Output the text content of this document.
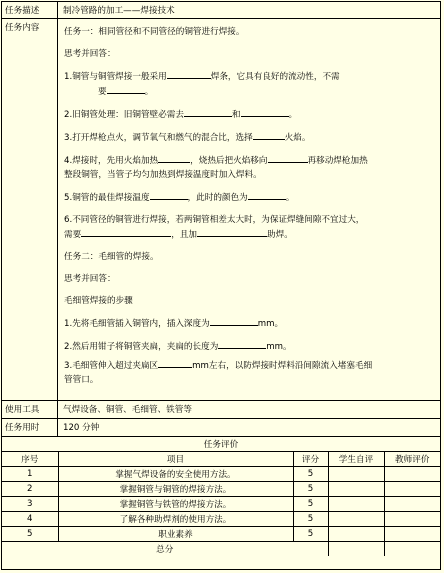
任务描述	制冷管路的加工——焊接技术
任务内容	任务一：相同管径和不同管径的铜管进行焊接。
思考并回答：
1.铜管与铜管焊接一般采用	焊条，它具有良好的流动性，不需
要	。
2.旧铜管处理：旧铜管壁必需去	和	。
3.打开焊枪点火，调节氧气和燃气的混合比，选择	火焰。
4.焊接时，先用火焰加热	，烧热后把火焰移向	再移动焊枪加热
整段铜管，当管子均匀加热到焊接温度时加入焊料。
5.铜管的最佳焊接温度	，此时的颜色为	。
6.不同管径的铜管进行焊接，若两铜管相差太大时，为保证焊缝间隙不宜过大，
需要	，且加	助焊。
任务二：毛细管的焊接。
思考并回答：
毛细管焊接的步骤
1.先将毛细管插入铜管内，插入深度为	mm。
2.然后用钳子将铜管夹扁，夹扁的长度为	mm。
3.毛细管伸入超过夹扁区	mm左右，以防焊接时焊料沿间隙流入堵塞毛细
管管口。
使用工具	气焊设备、铜管、毛细管、铁管等
任务用时	120 分钟
任务评价				
序号	项目	评分	学生自评	教师评价
1	掌握气焊设备的安全使用方法。	5		
2	掌握铜管与铜管的焊接方法。	5		
3	掌握铜管与铁管的焊接方法。	5		
4	了解各种助焊剂的使用方法。	5		
5	职业素养	5		
总分				
